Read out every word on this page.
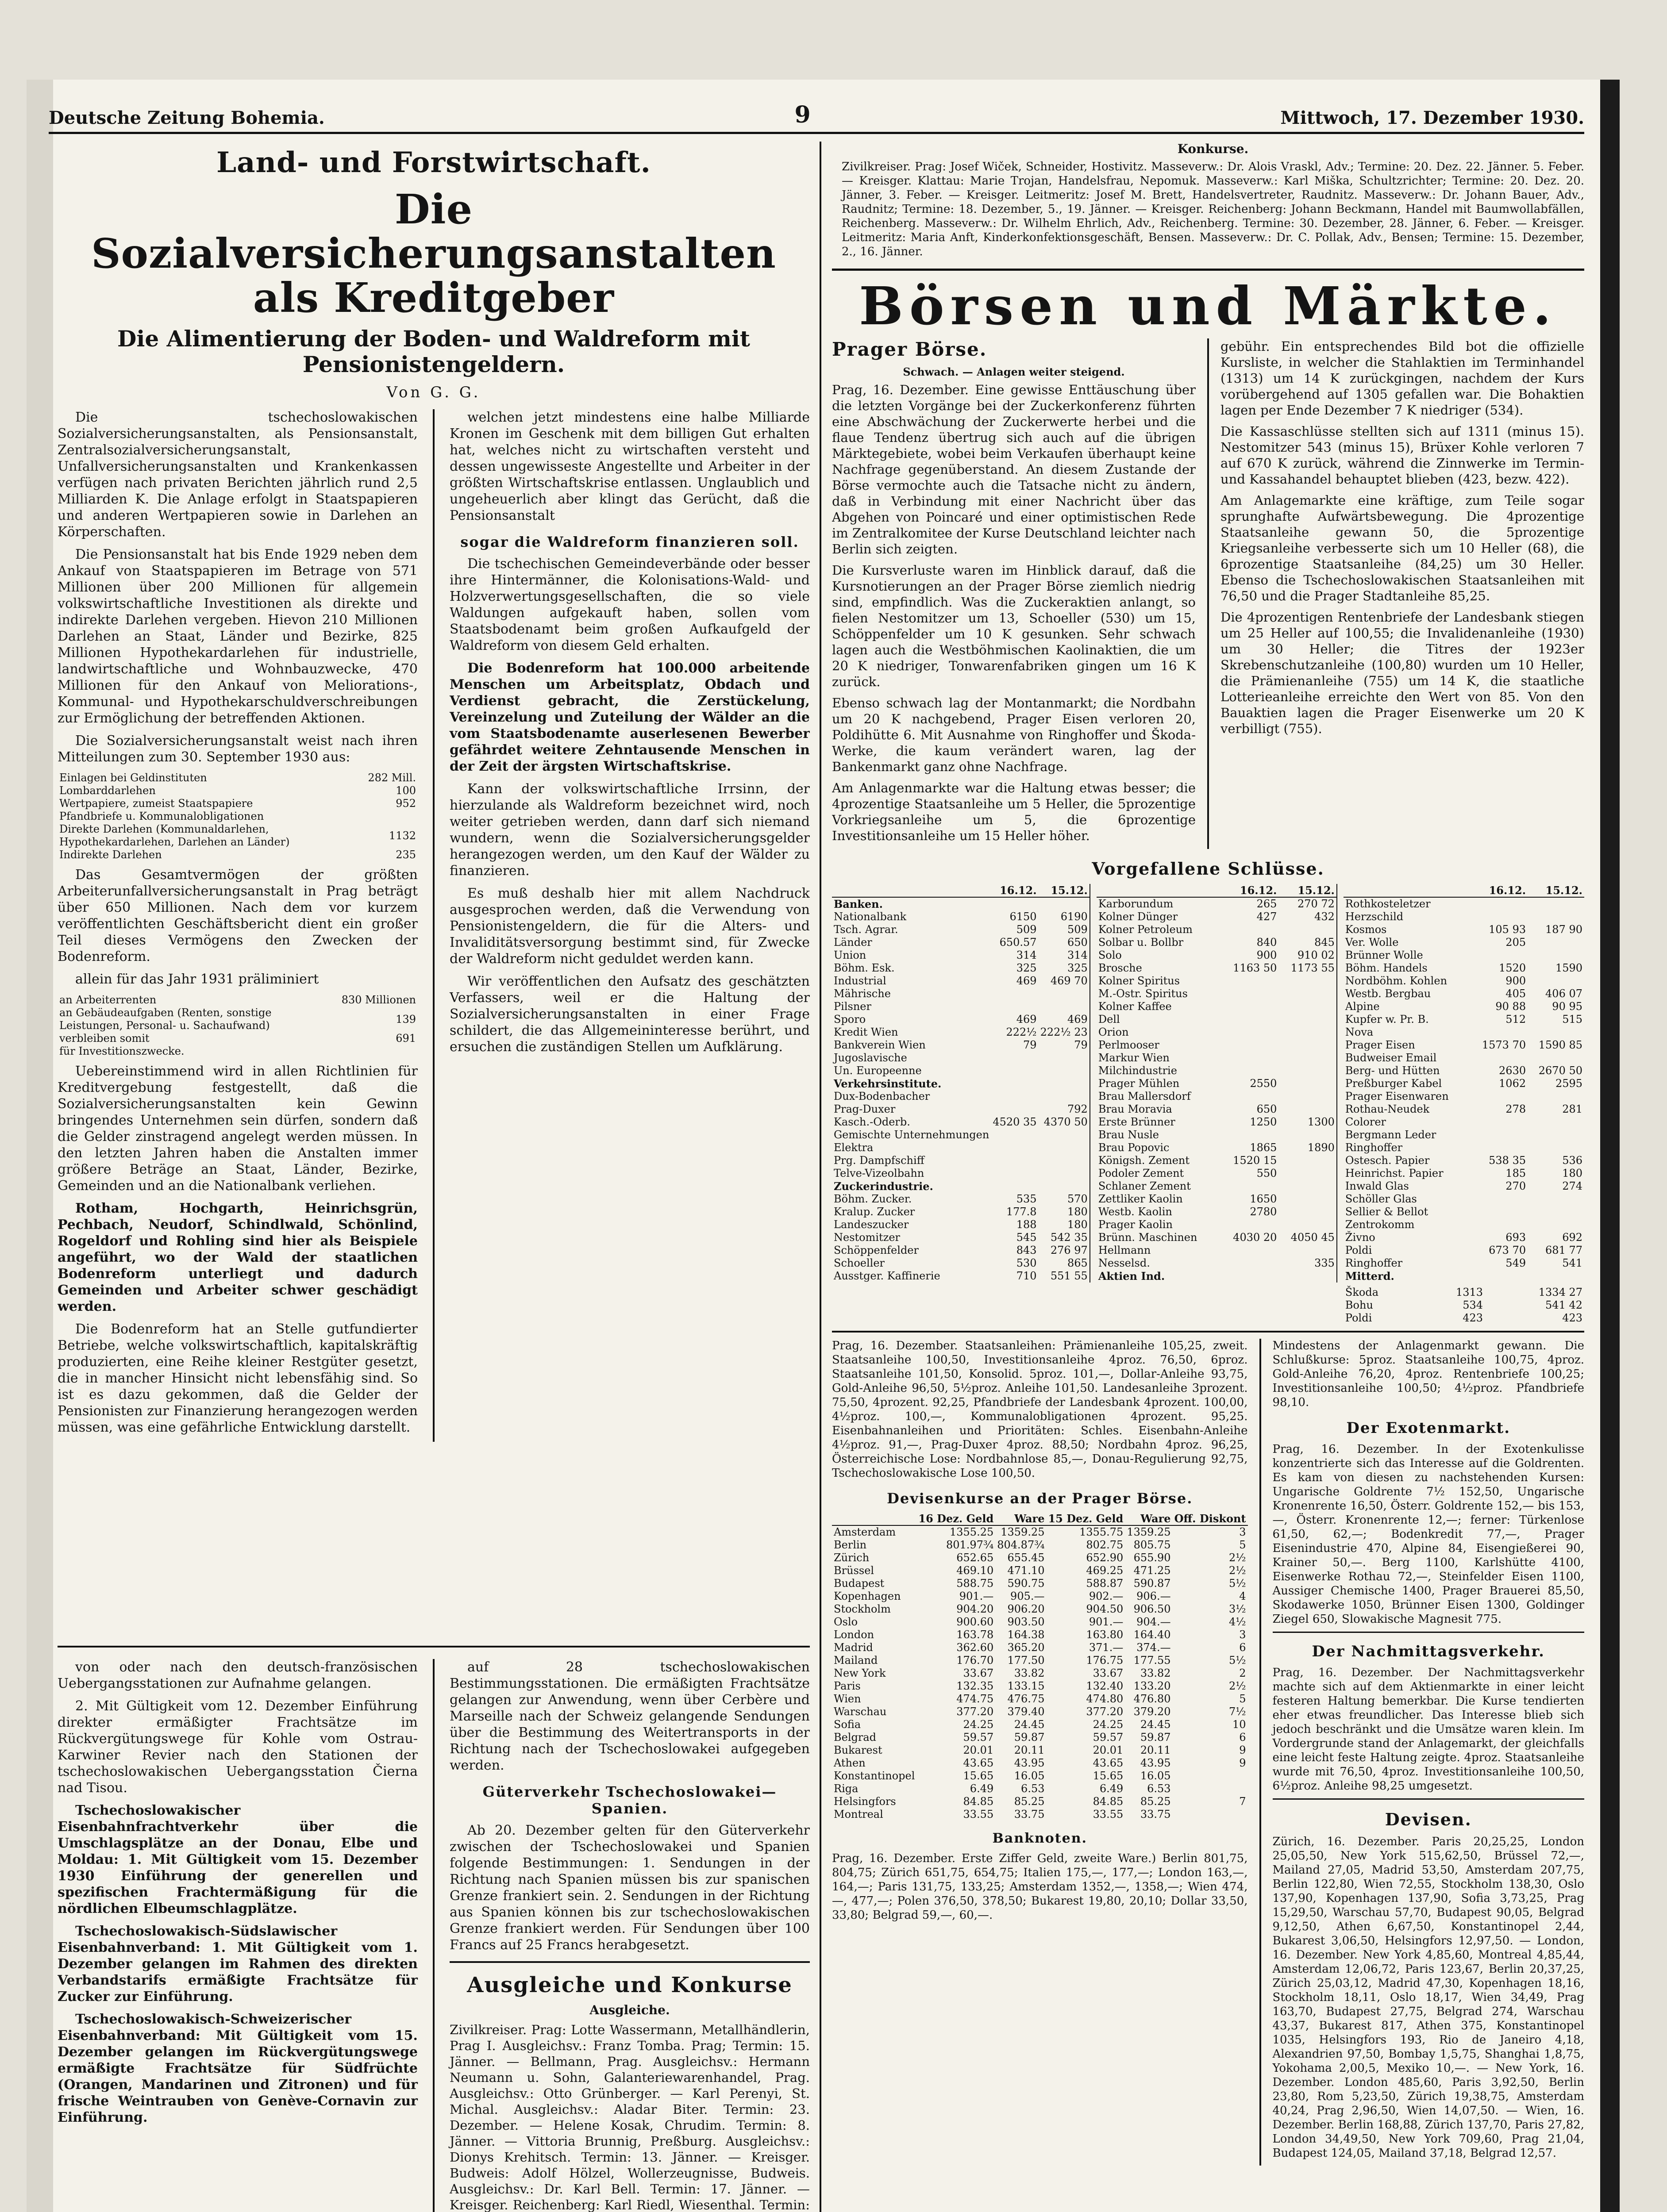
Deutsche Zeitung Bohemia.	9	Mittwoch, 17. Dezember 1930.
Land- und Forstwirtschaft.
Die Sozialversicherungsanstalten als Kreditgeber
Die Alimentierung der Boden- und Waldreform mit Pensionistengeldern.
Von G. G.

Die tschechoslowakischen Sozialversicherungsanstalten, als Pensionsanstalt, Zentralsozialversicherungsanstalt, Unfallversicherungsanstalten und Krankenkassen verfügen nach privaten Berichten jährlich rund 2,5 Milliarden K. Die Anlage erfolgt in Staatspapieren und anderen Wertpapieren sowie in Darlehen an Körperschaften.

Die Pensionsanstalt hat bis Ende 1929 neben dem Ankauf von Staatspapieren im Betrage von 571 Millionen über 200 Millionen für allgemein volkswirtschaftliche Investitionen als direkte und indirekte Darlehen vergeben. Hievon 210 Millionen Darlehen an Staat, Länder und Bezirke, 825 Millionen Hypothekardarlehen für industrielle, landwirtschaftliche und Wohnbauzwecke, 470 Millionen für den Ankauf von Meliorations-, Kommunal- und Hypothekarschuldverschreibungen zur Ermöglichung der betreffenden Aktionen.

Die Sozialversicherungsanstalt weist nach ihren Mitteilungen zum 30. September 1930 aus:

Einlagen bei Geldinstituten	282 Mill.
Lombarddarlehen	100
Wertpapiere, zumeist Staatspapiere	952
Pfandbriefe u. Kommunalobligationen	
Direkte Darlehen (Kommunaldarlehen, Hypothekardarlehen, Darlehen an Länder)	1132
Indirekte Darlehen	235

Das Gesamtvermögen der größten Arbeiterunfallversicherungsanstalt in Prag beträgt über 650 Millionen. Nach dem vor kurzem veröffentlichten Geschäftsbericht dient ein großer Teil dieses Vermögens den Zwecken der Bodenreform.

allein für das Jahr 1931 präliminiert

an Arbeiterrenten	830 Millionen
an Gebäudeaufgaben (Renten, sonstige Leistungen, Personal- u. Sachaufwand)	139
verbleiben somit	691
für Investitionszwecke.	

Uebereinstimmend wird in allen Richtlinien für Kreditvergebung festgestellt, daß die Sozialversicherungsanstalten kein Gewinn bringendes Unternehmen sein dürfen, sondern daß die Gelder zinstragend angelegt werden müssen. In den letzten Jahren haben die Anstalten immer größere Beträge an Staat, Länder, Bezirke, Gemeinden und an die Nationalbank verliehen.

Rotham, Hochgarth, Heinrichsgrün, Pechbach, Neudorf, Schindlwald, Schönlind, Rogeldorf und Rohling sind hier als Beispiele angeführt, wo der Wald der staatlichen Bodenreform unterliegt und dadurch Gemeinden und Arbeiter schwer geschädigt werden.

Die Bodenreform hat an Stelle gutfundierter Betriebe, welche volkswirtschaftlich, kapitalskräftig produzierten, eine Reihe kleiner Restgüter gesetzt, die in mancher Hinsicht nicht lebensfähig sind. So ist es dazu gekommen, daß die Gelder der Pensionisten zur Finanzierung herangezogen werden müssen, was eine gefährliche Entwicklung darstellt.

welchen jetzt mindestens eine halbe Milliarde Kronen im Geschenk mit dem billigen Gut erhalten hat, welches nicht zu wirtschaften versteht und dessen ungewisseste Angestellte und Arbeiter in der größten Wirtschaftskrise entlassen. Unglaublich und ungeheuerlich aber klingt das Gerücht, daß die Pensionsanstalt

sogar die Waldreform finanzieren soll.

Die tschechischen Gemeindeverbände oder besser ihre Hintermänner, die Kolonisations-Wald- und Holzverwertungsgesellschaften, die so viele Waldungen aufgekauft haben, sollen vom Staatsbodenamt beim großen Aufkaufgeld der Waldreform von diesem Geld erhalten.

Die Bodenreform hat 100.000 arbeitende Menschen um Arbeitsplatz, Obdach und Verdienst gebracht, die Zerstückelung, Vereinzelung und Zuteilung der Wälder an die vom Staatsbodenamte auserlesenen Bewerber gefährdet weitere Zehntausende Menschen in der Zeit der ärgsten Wirtschaftskrise.

Kann der volkswirtschaftliche Irrsinn, der hierzulande als Waldreform bezeichnet wird, noch weiter getrieben werden, dann darf sich niemand wundern, wenn die Sozialversicherungsgelder herangezogen werden, um den Kauf der Wälder zu finanzieren.

Es muß deshalb hier mit allem Nachdruck ausgesprochen werden, daß die Verwendung von Pensionistengeldern, die für die Alters- und Invaliditätsversorgung bestimmt sind, für Zwecke der Waldreform nicht geduldet werden kann.

Wir veröffentlichen den Aufsatz des geschätzten Verfassers, weil er die Haltung der Sozialversicherungsanstalten in einer Frage schildert, die das Allgemeininteresse berührt, und ersuchen die zuständigen Stellen um Aufklärung.

von oder nach den deutsch-französischen Uebergangsstationen zur Aufnahme gelangen.

2. Mit Gültigkeit vom 12. Dezember Einführung direkter ermäßigter Frachtsätze im Rückvergütungswege für Kohle vom Ostrau-Karwiner Revier nach den Stationen der tschechoslowakischen Uebergangsstation Čierna nad Tisou.

Tschechoslowakischer Eisenbahnfrachtverkehr über die Umschlagsplätze an der Donau, Elbe und Moldau: 1. Mit Gültigkeit vom 15. Dezember 1930 Einführung der generellen und spezifischen Frachtermäßigung für die nördlichen Elbeumschlagplätze.

Tschechoslowakisch-Südslawischer Eisenbahnverband: 1. Mit Gültigkeit vom 1. Dezember gelangen im Rahmen des direkten Verbandstarifs ermäßigte Frachtsätze für Zucker zur Einführung.

Tschechoslowakisch-Schweizerischer Eisenbahnverband: Mit Gültigkeit vom 15. Dezember gelangen im Rückvergütungswege ermäßigte Frachtsätze für Südfrüchte (Orangen, Mandarinen und Zitronen) und für frische Weintrauben von Genève-Cornavin zur Einführung.

auf 28 tschechoslowakischen Bestimmungsstationen. Die ermäßigten Frachtsätze gelangen zur Anwendung, wenn über Cerbère und Marseille nach der Schweiz gelangende Sendungen über die Bestimmung des Weitertransports in der Richtung nach der Tschechoslowakei aufgegeben werden.

Güterverkehr Tschechoslowakei—Spanien.

Ab 20. Dezember gelten für den Güterverkehr zwischen der Tschechoslowakei und Spanien folgende Bestimmungen: 1. Sendungen in der Richtung nach Spanien müssen bis zur spanischen Grenze frankiert sein. 2. Sendungen in der Richtung aus Spanien können bis zur tschechoslowakischen Grenze frankiert werden. Für Sendungen über 100 Francs auf 25 Francs herabgesetzt.

Ausgleiche und Konkurse
Ausgleiche.
Zivilkreiser. Prag: Lotte Wassermann, Metallhändlerin, Prag I. Ausgleichsv.: Franz Tomba. Prag; Termin: 15. Jänner. — Bellmann, Prag. Ausgleichsv.: Hermann Neumann u. Sohn, Galanteriewarenhandel, Prag. Ausgleichsv.: Otto Grünberger. — Karl Perenyi, St. Michal. Ausgleichsv.: Aladar Biter. Termin: 23. Dezember. — Helene Kosak, Chrudim. Termin: 8. Jänner. — Vittoria Brunnig, Preßburg. Ausgleichsv.: Dionys Krehitsch. Termin: 13. Jänner. — Kreisger. Budweis: Adolf Hölzel, Wollerzeugnisse, Budweis. Ausgleichsv.: Dr. Karl Bell. Termin: 17. Jänner. — Kreisger. Reichenberg: Karl Riedl, Wiesenthal. Termin:
Konkurse.
Zivilkreiser. Prag: Josef Wiček, Schneider, Hostivitz. Masseverw.: Dr. Alois Vraskl, Adv.; Termine: 20. Dez. 22. Jänner. 5. Feber. — Kreisger. Klattau: Marie Trojan, Handelsfrau, Nepomuk. Masseverw.: Karl Miška, Schultzrichter; Termine: 20. Dez. 20. Jänner, 3. Feber. — Kreisger. Leitmeritz: Josef M. Brett, Handelsvertreter, Raudnitz. Masseverw.: Dr. Johann Bauer, Adv., Raudnitz; Termine: 18. Dezember, 5., 19. Jänner. — Kreisger. Reichenberg: Johann Beckmann, Handel mit Baumwollabfällen, Reichenberg. Masseverw.: Dr. Wilhelm Ehrlich, Adv., Reichenberg. Termine: 30. Dezember, 28. Jänner, 6. Feber. — Kreisger. Leitmeritz: Maria Anft, Kinderkonfektionsgeschäft, Bensen. Masseverw.: Dr. C. Pollak, Adv., Bensen; Termine: 15. Dezember, 2., 16. Jänner.
Börsen und Märkte.
Prager Börse.
Schwach. — Anlagen weiter steigend.
Prag, 16. Dezember. Eine gewisse Enttäuschung über die letzten Vorgänge bei der Zuckerkonferenz führten eine Abschwächung der Zuckerwerte herbei und die flaue Tendenz übertrug sich auch auf die übrigen Märktegebiete, wobei beim Verkaufen überhaupt keine Nachfrage gegenüberstand. An diesem Zustande der Börse vermochte auch die Tatsache nicht zu ändern, daß in Verbindung mit einer Nachricht über das Abgehen von Poincaré und einer optimistischen Rede im Zentralkomitee der Kurse Deutschland leichter nach Berlin sich zeigten.
Die Kursverluste waren im Hinblick darauf, daß die Kursnotierungen an der Prager Börse ziemlich niedrig sind, empfindlich. Was die Zuckeraktien anlangt, so fielen Nestomitzer um 13, Schoeller (530) um 15, Schöppenfelder um 10 K gesunken. Sehr schwach lagen auch die Westböhmischen Kaolinaktien, die um 20 K niedriger, Tonwarenfabriken gingen um 16 K zurück.
Ebenso schwach lag der Montanmarkt; die Nordbahn um 20 K nachgebend, Prager Eisen verloren 20, Poldihütte 6. Mit Ausnahme von Ringhoffer und Škoda-Werke, die kaum verändert waren, lag der Bankenmarkt ganz ohne Nachfrage.
Am Anlagenmarkte war die Haltung etwas besser; die 4prozentige Staatsanleihe um 5 Heller, die 5prozentige Vorkriegsanleihe um 5, die 6prozentige Investitionsanleihe um 15 Heller höher.
gebühr. Ein entsprechendes Bild bot die offizielle Kursliste, in welcher die Stahlaktien im Terminhandel (1313) um 14 K zurückgingen, nachdem der Kurs vorübergehend auf 1305 gefallen war. Die Bohaktien lagen per Ende Dezember 7 K niedriger (534).
Die Kassaschlüsse stellten sich auf 1311 (minus 15). Nestomitzer 543 (minus 15), Brüxer Kohle verloren 7 auf 670 K zurück, während die Zinnwerke im Termin- und Kassahandel behauptet blieben (423, bezw. 422).
Am Anlagemarkte eine kräftige, zum Teile sogar sprunghafte Aufwärtsbewegung. Die 4prozentige Staatsanleihe gewann 50, die 5prozentige Kriegsanleihe verbesserte sich um 10 Heller (68), die 6prozentige Staatsanleihe (84,25) um 30 Heller. Ebenso die Tschechoslowakischen Staatsanleihen mit 76,50 und die Prager Stadtanleihe 85,25.
Die 4prozentigen Rentenbriefe der Landesbank stiegen um 25 Heller auf 100,55; die Invalidenanleihe (1930) um 30 Heller; die Titres der 1923er Skrebenschutzanleihe (100,80) wurden um 10 Heller, die Prämienanleihe (755) um 14 K, die staatliche Lotterieanleihe erreichte den Wert von 85. Von den Bauaktien lagen die Prager Eisenwerke um 20 K verbilligt (755).
Vorgefallene Schlüsse.
	16.12.	15.12.
Banken.		
Nationalbank	6150	6190
Tsch. Agrar.	509	509
Länder	650.57	650
Union	314	314
Böhm. Esk.	325	325
Industrial	469	469 70
Mährische		
Pilsner		
Sporo	469	469
Kredit Wien	222½	222½ 23
Bankverein Wien	79	79
Jugoslavische		
Un. Europeenne		
Verkehrsinstitute.		
Dux-Bodenbacher		
Prag-Duxer		792
Kasch.-Oderb.	4520 35	4370 50
Gemischte Unternehmungen		
Elektra		
Prg. Dampfschiff		
Telve-Vizeolbahn		
Zuckerindustrie.		
Böhm. Zucker.	535	570
Kralup. Zucker	177.8	180
Landeszucker	188	180
Nestomitzer	545	542 35
Schöppenfelder	843	276 97
Schoeller	530	865
Ausstger. Kaffinerie	710	551 55
	16.12.	15.12.
Karborundum	265	270 72
Kolner Dünger	427	432
Kolner Petroleum		
Solbar u. Bollbr	840	845
Solo	900	910 02
Brosche	1163 50	1173 55
Kolner Spiritus		
M.-Ostr. Spiritus		
Kolner Kaffee		
Dell		
Orion		
Perlmooser		
Markur Wien		
Milchindustrie		
Prager Mühlen	2550	
Brau Mallersdorf		
Brau Moravia	650	
Erste Brünner	1250	1300
Brau Nusle		
Brau Popovic	1865	1890
Königsh. Zement	1520 15	
Podoler Zement	550	
Schlaner Zement		
Zettliker Kaolin	1650	
Westb. Kaolin	2780	
Prager Kaolin		
Brünn. Maschinen	4030 20	4050 45
Hellmann		
Nesselsd.		335
Aktien Ind.		
	16.12.	15.12.
Rothkosteletzer		
Herzschild		
Kosmos	105 93	187 90
Ver. Wolle	205	
Brünner Wolle		
Böhm. Handels	1520	1590
Nordböhm. Kohlen	900	
Westb. Bergbau	405	406 07
Alpine	90 88	90 95
Kupfer w. Pr. B.	512	515
Nova		
Prager Eisen	1573 70	1590 85
Budweiser Email		
Berg- und Hütten	2630	2670 50
Preßburger Kabel	1062	2595
Prager Eisenwaren		
Rothau-Neudek	278	281
Colorer		
Bergmann Leder		
Ringhoffer		
Ostesch. Papier	538 35	536
Heinrichst. Papier	185	180
Inwald Glas	270	274
Schöller Glas		
Sellier & Bellot		
Zentrokomm		
Živno	693	692
Poldi	673 70	681 77
Ringhoffer	549	541
Mitterd.		
Škoda	1313	1334 27
Bohu	534	541 42
Poldi	423	423
Prag, 16. Dezember. Staatsanleihen: Prämienanleihe 105,25, zweit. Staatsanleihe 100,50, Investitionsanleihe 4proz. 76,50, 6proz. Staatsanleihe 101,50, Konsolid. 5proz. 101,—, Dollar-Anleihe 93,75, Gold-Anleihe 96,50, 5½proz. Anleihe 101,50. Landesanleihe 3prozent. 75,50, 4prozent. 92,25, Pfandbriefe der Landesbank 4prozent. 100,00, 4½proz. 100,—, Kommunalobligationen 4prozent. 95,25. Eisenbahnanleihen und Prioritäten: Schles. Eisenbahn-Anleihe 4½proz. 91,—, Prag-Duxer 4proz. 88,50; Nordbahn 4proz. 96,25, Österreichische Lose: Nordbahnlose 85,—, Donau-Regulierung 92,75, Tschechoslowakische Lose 100,50.
Devisenkurse an der Prager Börse.
	16 Dez. Geld	Ware	15 Dez. Geld	Ware	Off. Diskont
Amsterdam	1355.25	1359.25	1355.75	1359.25	3
Berlin	801.97¾	804.87¾	802.75	805.75	5
Zürich	652.65	655.45	652.90	655.90	2½
Brüssel	469.10	471.10	469.25	471.25	2½
Budapest	588.75	590.75	588.87	590.87	5½
Kopenhagen	901.—	905.—	902.—	906.—	4
Stockholm	904.20	906.20	904.50	906.50	3½
Oslo	900.60	903.50	901.—	904.—	4½
London	163.78	164.38	163.80	164.40	3
Madrid	362.60	365.20	371.—	374.—	6
Mailand	176.70	177.50	176.75	177.55	5½
New York	33.67	33.82	33.67	33.82	2
Paris	132.35	133.15	132.40	133.20	2½
Wien	474.75	476.75	474.80	476.80	5
Warschau	377.20	379.40	377.20	379.20	7½
Sofia	24.25	24.45	24.25	24.45	10
Belgrad	59.57	59.87	59.57	59.87	6
Bukarest	20.01	20.11	20.01	20.11	9
Athen	43.65	43.95	43.65	43.95	9
Konstantinopel	15.65	16.05	15.65	16.05	
Riga	6.49	6.53	6.49	6.53	
Helsingfors	84.85	85.25	84.85	85.25	7
Montreal	33.55	33.75	33.55	33.75	
Banknoten.
Prag, 16. Dezember. Erste Ziffer Geld, zweite Ware.) Berlin 801,75, 804,75; Zürich 651,75, 654,75; Italien 175,—, 177,—; London 163,—, 164,—; Paris 131,75, 133,25; Amsterdam 1352,—, 1358,—; Wien 474,—, 477,—; Polen 376,50, 378,50; Bukarest 19,80, 20,10; Dollar 33,50, 33,80; Belgrad 59,—, 60,—.
Mindestens der Anlagenmarkt gewann. Die Schlußkurse: 5proz. Staatsanleihe 100,75, 4proz. Gold-Anleihe 76,20, 4proz. Rentenbriefe 100,25; Investitionsanleihe 100,50; 4½proz. Pfandbriefe 98,10.
Der Exotenmarkt.
Prag, 16. Dezember. In der Exotenkulisse konzentrierte sich das Interesse auf die Goldrenten. Es kam von diesen zu nachstehenden Kursen: Ungarische Goldrente 7½ 152,50, Ungarische Kronenrente 16,50, Österr. Goldrente 152,— bis 153,—, Österr. Kronenrente 12,—; ferner: Türkenlose 61,50, 62,—; Bodenkredit 77,—, Prager Eisenindustrie 470, Alpine 84, Eisengießerei 90, Krainer 50,—. Berg 1100, Karlshütte 4100, Eisenwerke Rothau 72,—, Steinfelder Eisen 1100, Aussiger Chemische 1400, Prager Brauerei 85,50, Skodawerke 1050, Brünner Eisen 1300, Goldinger Ziegel 650, Slowakische Magnesit 775.
Der Nachmittagsverkehr.
Prag, 16. Dezember. Der Nachmittagsverkehr machte sich auf dem Aktienmarkte in einer leicht festeren Haltung bemerkbar. Die Kurse tendierten eher etwas freundlicher. Das Interesse blieb sich jedoch beschränkt und die Umsätze waren klein. Im Vordergrunde stand der Anlagemarkt, der gleichfalls eine leicht feste Haltung zeigte. 4proz. Staatsanleihe wurde mit 76,50, 4proz. Investitionsanleihe 100,50, 6½proz. Anleihe 98,25 umgesetzt.
Devisen.
Zürich, 16. Dezember. Paris 20,25,25, London 25,05,50, New York 515,62,50, Brüssel 72,—, Mailand 27,05, Madrid 53,50, Amsterdam 207,75, Berlin 122,80, Wien 72,55, Stockholm 138,30, Oslo 137,90, Kopenhagen 137,90, Sofia 3,73,25, Prag 15,29,50, Warschau 57,70, Budapest 90,05, Belgrad 9,12,50, Athen 6,67,50, Konstantinopel 2,44, Bukarest 3,06,50, Helsingfors 12,97,50. — London, 16. Dezember. New York 4,85,60, Montreal 4,85,44, Amsterdam 12,06,72, Paris 123,67, Berlin 20,37,25, Zürich 25,03,12, Madrid 47,30, Kopenhagen 18,16, Stockholm 18,11, Oslo 18,17, Wien 34,49, Prag 163,70, Budapest 27,75, Belgrad 274, Warschau 43,37, Bukarest 817, Athen 375, Konstantinopel 1035, Helsingfors 193, Rio de Janeiro 4,18, Alexandrien 97,50, Bombay 1,5,75, Shanghai 1,8,75, Yokohama 2,00,5, Mexiko 10,—. — New York, 16. Dezember. London 485,60, Paris 3,92,50, Berlin 23,80, Rom 5,23,50, Zürich 19,38,75, Amsterdam 40,24, Prag 2,96,50, Wien 14,07,50. — Wien, 16. Dezember. Berlin 168,88, Zürich 137,70, Paris 27,82, London 34,49,50, New York 709,60, Prag 21,04, Budapest 124,05, Mailand 37,18, Belgrad 12,57.
